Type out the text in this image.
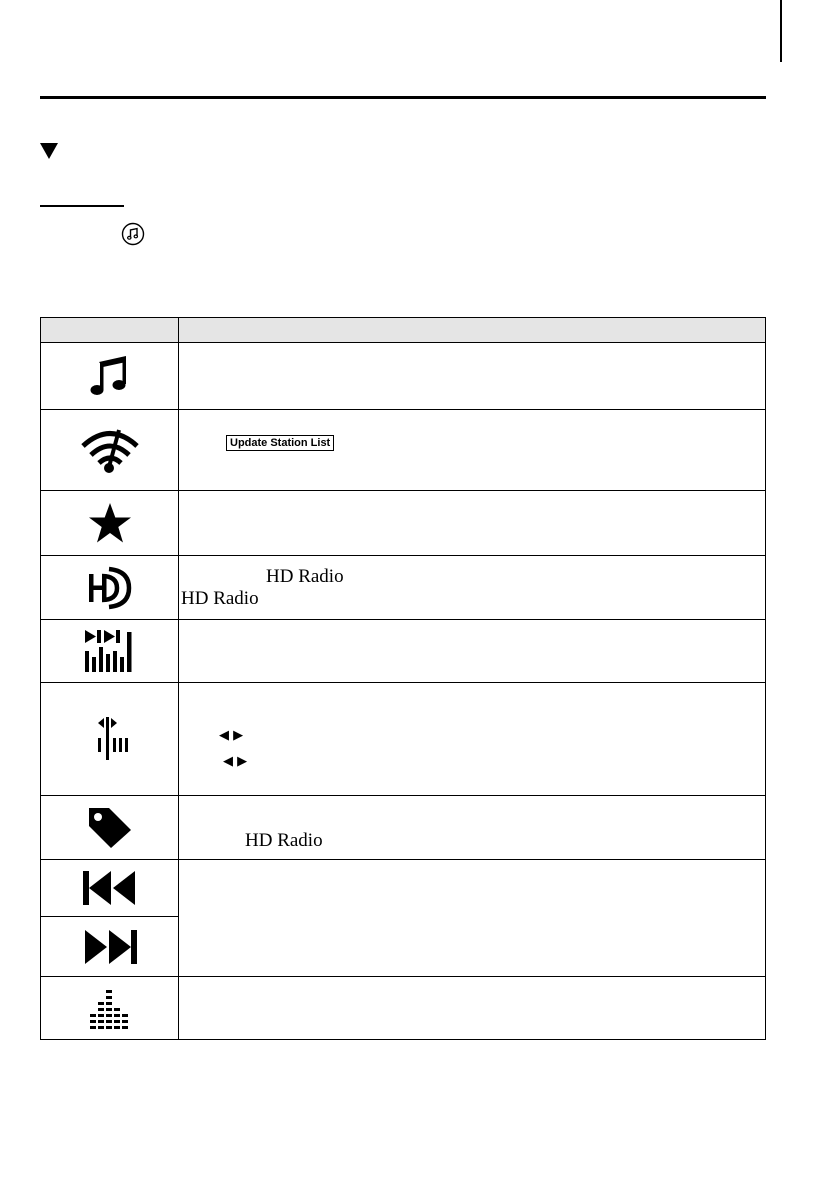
Update Station List

HD Radio
HD Radio

◀ ▶
◀ ▶

HD Radio
